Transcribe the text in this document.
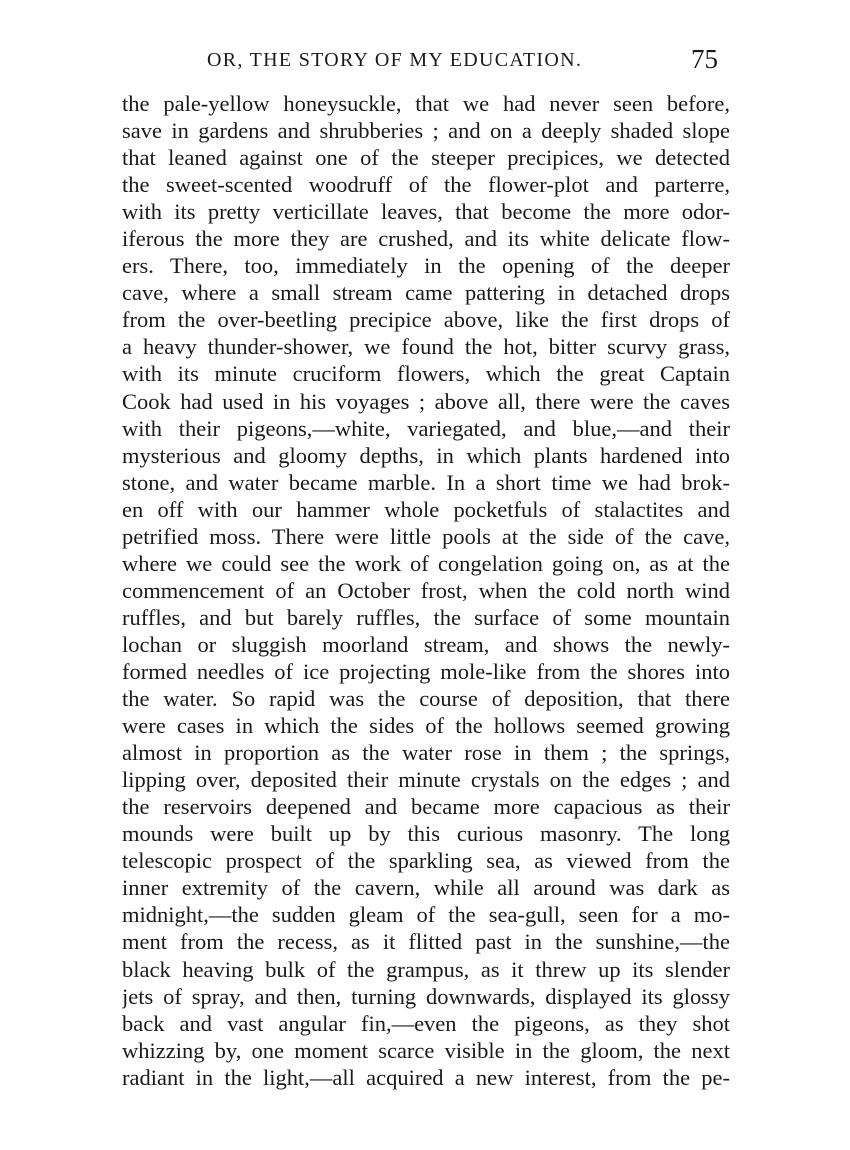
OR, THE STORY OF MY EDUCATION.	75
the pale-yellow honeysuckle, that we had never seen before,
save in gardens and shrubberies ; and on a deeply shaded slope
that leaned against one of the steeper precipices, we detected
the sweet-scented woodruff of the flower-plot and parterre,
with its pretty verticillate leaves, that become the more odor-
iferous the more they are crushed, and its white delicate flow-
ers. There, too, immediately in the opening of the deeper
cave, where a small stream came pattering in detached drops
from the over-beetling precipice above, like the first drops of
a heavy thunder-shower, we found the hot, bitter scurvy grass,
with its minute cruciform flowers, which the great Captain
Cook had used in his voyages ; above all, there were the caves
with their pigeons,—white, variegated, and blue,—and their
mysterious and gloomy depths, in which plants hardened into
stone, and water became marble. In a short time we had brok-
en off with our hammer whole pocketfuls of stalactites and
petrified moss. There were little pools at the side of the cave,
where we could see the work of congelation going on, as at the
commencement of an October frost, when the cold north wind
ruffles, and but barely ruffles, the surface of some mountain
lochan or sluggish moorland stream, and shows the newly-
formed needles of ice projecting mole-like from the shores into
the water. So rapid was the course of deposition, that there
were cases in which the sides of the hollows seemed growing
almost in proportion as the water rose in them ; the springs,
lipping over, deposited their minute crystals on the edges ; and
the reservoirs deepened and became more capacious as their
mounds were built up by this curious masonry. The long
telescopic prospect of the sparkling sea, as viewed from the
inner extremity of the cavern, while all around was dark as
midnight,—the sudden gleam of the sea-gull, seen for a mo-
ment from the recess, as it flitted past in the sunshine,—the
black heaving bulk of the grampus, as it threw up its slender
jets of spray, and then, turning downwards, displayed its glossy
back and vast angular fin,—even the pigeons, as they shot
whizzing by, one moment scarce visible in the gloom, the next
radiant in the light,—all acquired a new interest, from the pe-
